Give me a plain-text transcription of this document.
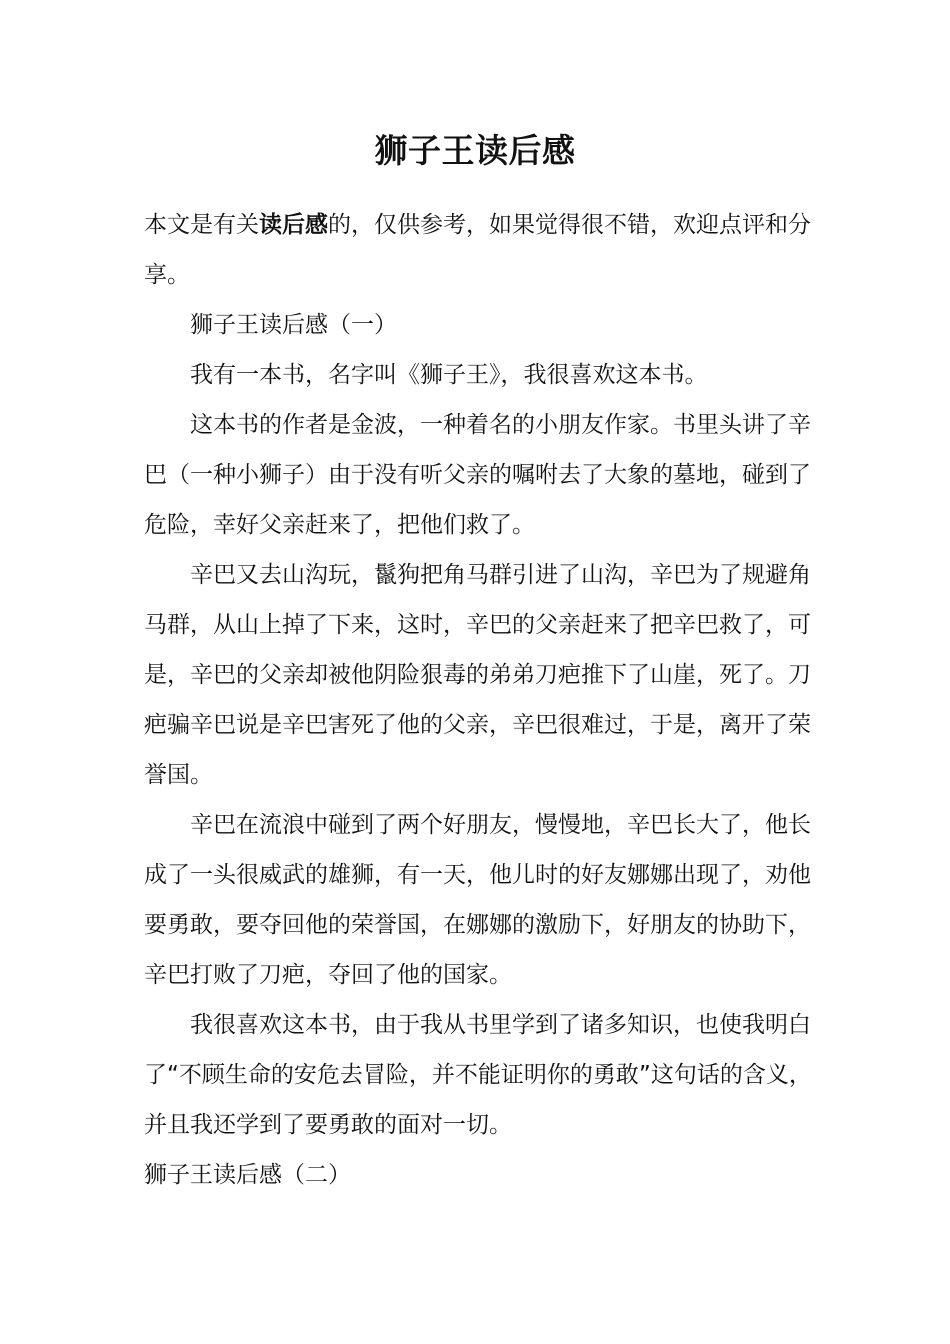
狮子王读后感

本文是有关读后感的，仅供参考，如果觉得很不错，欢迎点评和分享。

狮子王读后感（一）

我有一本书，名字叫《狮子王》，我很喜欢这本书。

这本书的作者是金波，一种着名的小朋友作家。书里头讲了辛巴（一种小狮子）由于没有听父亲的嘱咐去了大象的墓地，碰到了危险，幸好父亲赶来了，把他们救了。

辛巴又去山沟玩，鬣狗把角马群引进了山沟，辛巴为了规避角马群，从山上掉了下来，这时，辛巴的父亲赶来了把辛巴救了，可是，辛巴的父亲却被他阴险狠毒的弟弟刀疤推下了山崖，死了。刀疤骗辛巴说是辛巴害死了他的父亲，辛巴很难过，于是，离开了荣誉国。

辛巴在流浪中碰到了两个好朋友，慢慢地，辛巴长大了，他长成了一头很威武的雄狮，有一天，他儿时的好友娜娜出现了，劝他要勇敢，要夺回他的荣誉国，在娜娜的激励下，好朋友的协助下，辛巴打败了刀疤，夺回了他的国家。

我很喜欢这本书，由于我从书里学到了诸多知识，也使我明白了“不顾生命的安危去冒险，并不能证明你的勇敢”这句话的含义，并且我还学到了要勇敢的面对一切。

狮子王读后感（二）
